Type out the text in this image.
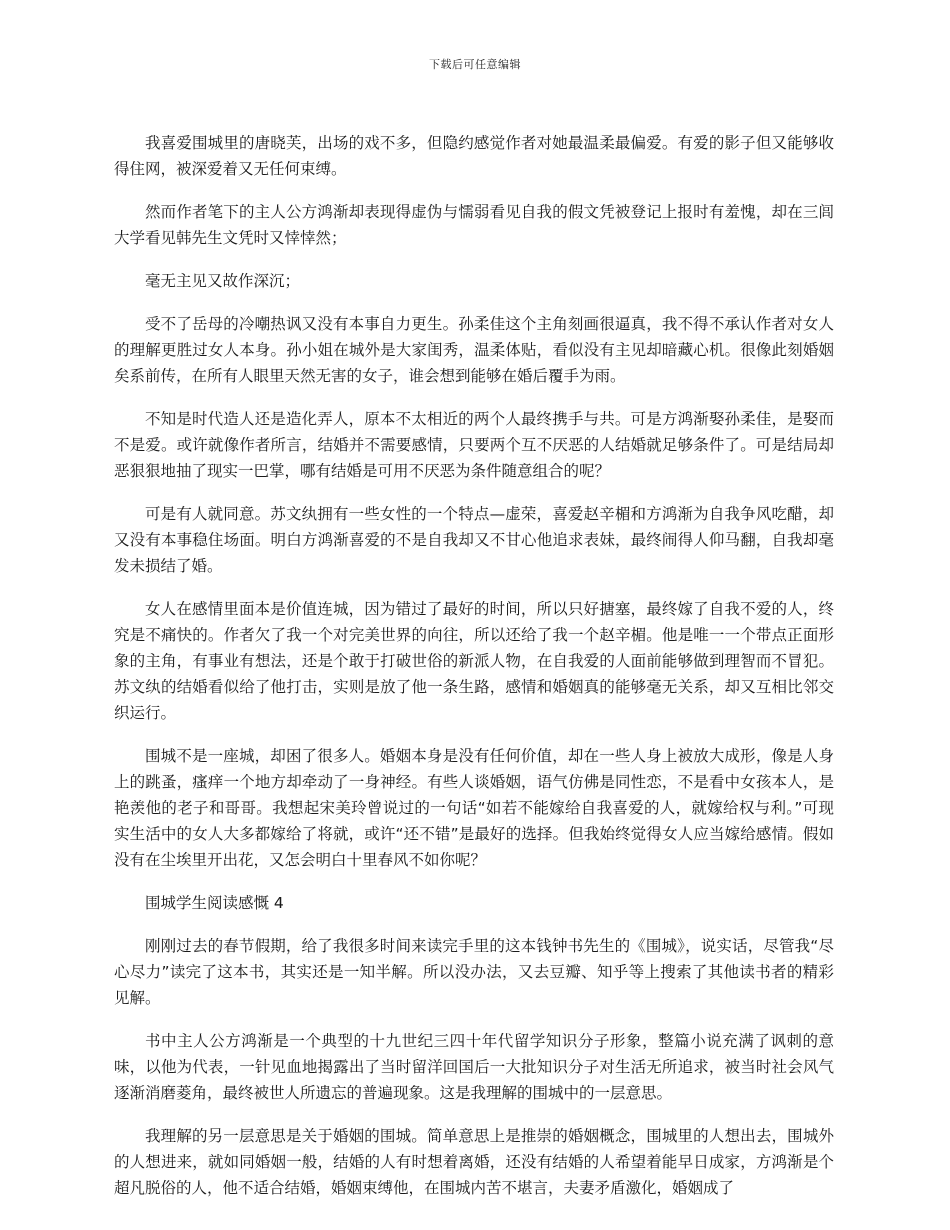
下载后可任意编辑

我喜爱围城里的唐晓芙，出场的戏不多，但隐约感觉作者对她最温柔最偏爱。有爱的影子但又能够收得住网，被深爱着又无任何束缚。

然而作者笔下的主人公方鸿渐却表现得虚伪与懦弱看见自我的假文凭被登记上报时有羞愧，却在三闾大学看见韩先生文凭时又悻悻然；

毫无主见又故作深沉；

受不了岳母的冷嘲热讽又没有本事自力更生。孙柔佳这个主角刻画很逼真，我不得不承认作者对女人的理解更胜过女人本身。孙小姐在城外是大家闺秀，温柔体贴，看似没有主见却暗藏心机。很像此刻婚姻矣系前传，在所有人眼里天然无害的女子，谁会想到能够在婚后覆手为雨。

不知是时代造人还是造化弄人，原本不太相近的两个人最终携手与共。可是方鸿渐娶孙柔佳，是娶而不是爱。或许就像作者所言，结婚并不需要感情，只要两个互不厌恶的人结婚就足够条件了。可是结局却恶狠狠地抽了现实一巴掌，哪有结婚是可用不厌恶为条件随意组合的呢？

可是有人就同意。苏文纨拥有一些女性的一个特点—虚荣，喜爱赵辛楣和方鸿渐为自我争风吃醋，却又没有本事稳住场面。明白方鸿渐喜爱的不是自我却又不甘心他追求表妹，最终闹得人仰马翻，自我却毫发未损结了婚。

女人在感情里面本是价值连城，因为错过了最好的时间，所以只好搪塞，最终嫁了自我不爱的人，终究是不痛快的。作者欠了我一个对完美世界的向往，所以还给了我一个赵辛楣。他是唯一一个带点正面形象的主角，有事业有想法，还是个敢于打破世俗的新派人物，在自我爱的人面前能够做到理智而不冒犯。苏文纨的结婚看似给了他打击，实则是放了他一条生路，感情和婚姻真的能够毫无关系，却又互相比邻交织运行。

围城不是一座城，却困了很多人。婚姻本身是没有任何价值，却在一些人身上被放大成形，像是人身上的跳蚤，瘙痒一个地方却牵动了一身神经。有些人谈婚姻，语气仿佛是同性恋，不是看中女孩本人，是艳羡他的老子和哥哥。我想起宋美玲曾说过的一句话“如若不能嫁给自我喜爱的人，就嫁给权与利。”可现实生活中的女人大多都嫁给了将就，或许“还不错”是最好的选择。但我始终觉得女人应当嫁给感情。假如没有在尘埃里开出花，又怎会明白十里春风不如你呢？

围城学生阅读感慨 4

刚刚过去的春节假期，给了我很多时间来读完手里的这本钱钟书先生的《围城》，说实话，尽管我“尽心尽力”读完了这本书，其实还是一知半解。所以没办法，又去豆瓣、知乎等上搜索了其他读书者的精彩见解。

书中主人公方鸿渐是一个典型的十九世纪三四十年代留学知识分子形象，整篇小说充满了讽刺的意味，以他为代表，一针见血地揭露出了当时留洋回国后一大批知识分子对生活无所追求，被当时社会风气逐渐消磨菱角，最终被世人所遗忘的普遍现象。这是我理解的围城中的一层意思。

我理解的另一层意思是关于婚姻的围城。简单意思上是推崇的婚姻概念，围城里的人想出去，围城外的人想进来，就如同婚姻一般，结婚的人有时想着离婚，还没有结婚的人希望着能早日成家，方鸿渐是个超凡脱俗的人，他不适合结婚，婚姻束缚他，在围城内苦不堪言，夫妻矛盾激化，婚姻成了
